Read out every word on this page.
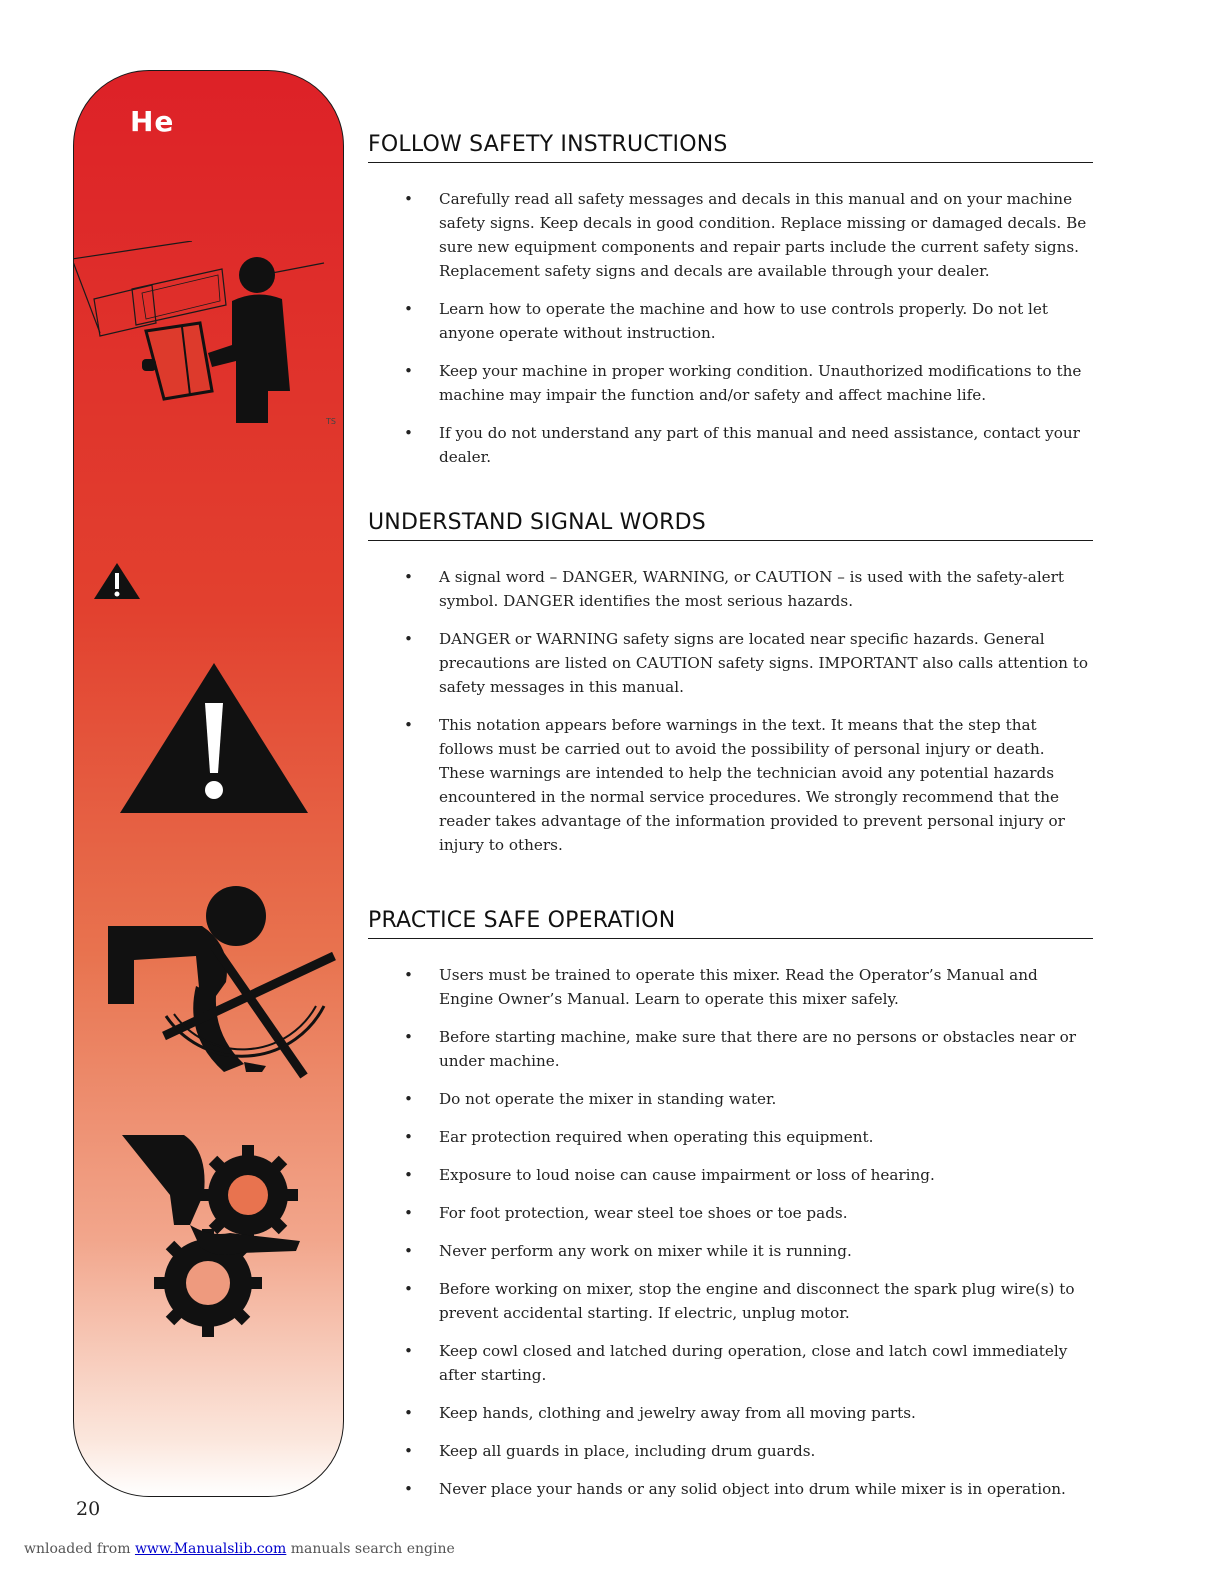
He
TS
FOLLOW SAFETY INSTRUCTIONS
• Carefully read all safety messages and decals in this manual and on your machine safety signs. Keep decals in good condition. Replace missing or damaged decals. Be sure new equipment components and repair parts include the current safety signs. Replacement safety signs and decals are available through your dealer.
• Learn how to operate the machine and how to use controls properly. Do not let anyone operate without instruction.
• Keep your machine in proper working condition. Unauthorized modifications to the machine may impair the function and/or safety and affect machine life.
• If you do not understand any part of this manual and need assistance, contact your dealer.
UNDERSTAND SIGNAL WORDS
• A signal word – DANGER, WARNING, or CAUTION – is used with the safety-alert symbol. DANGER identifies the most serious hazards.
• DANGER or WARNING safety signs are located near specific hazards. General precautions are listed on CAUTION safety signs. IMPORTANT also calls attention to safety messages in this manual.
• This notation appears before warnings in the text. It means that the step that follows must be carried out to avoid the possibility of personal injury or death. These warnings are intended to help the technician avoid any potential hazards encountered in the normal service procedures. We strongly recommend that the reader takes advantage of the information provided to prevent personal injury or injury to others.
PRACTICE SAFE OPERATION
• Users must be trained to operate this mixer. Read the Operator’s Manual and Engine Owner’s Manual. Learn to operate this mixer safely.
• Before starting machine, make sure that there are no persons or obstacles near or under machine.
• Do not operate the mixer in standing water.
• Ear protection required when operating this equipment.
• Exposure to loud noise can cause impairment or loss of hearing.
• For foot protection, wear steel toe shoes or toe pads.
• Never perform any work on mixer while it is running.
• Before working on mixer, stop the engine and disconnect the spark plug wire(s) to prevent accidental starting. If electric, unplug motor.
• Keep cowl closed and latched during operation, close and latch cowl immediately after starting.
• Keep hands, clothing and jewelry away from all moving parts.
• Keep all guards in place, including drum guards.
• Never place your hands or any solid object into drum while mixer is in operation.
20
wnloaded from www.Manualslib.com manuals search engine
